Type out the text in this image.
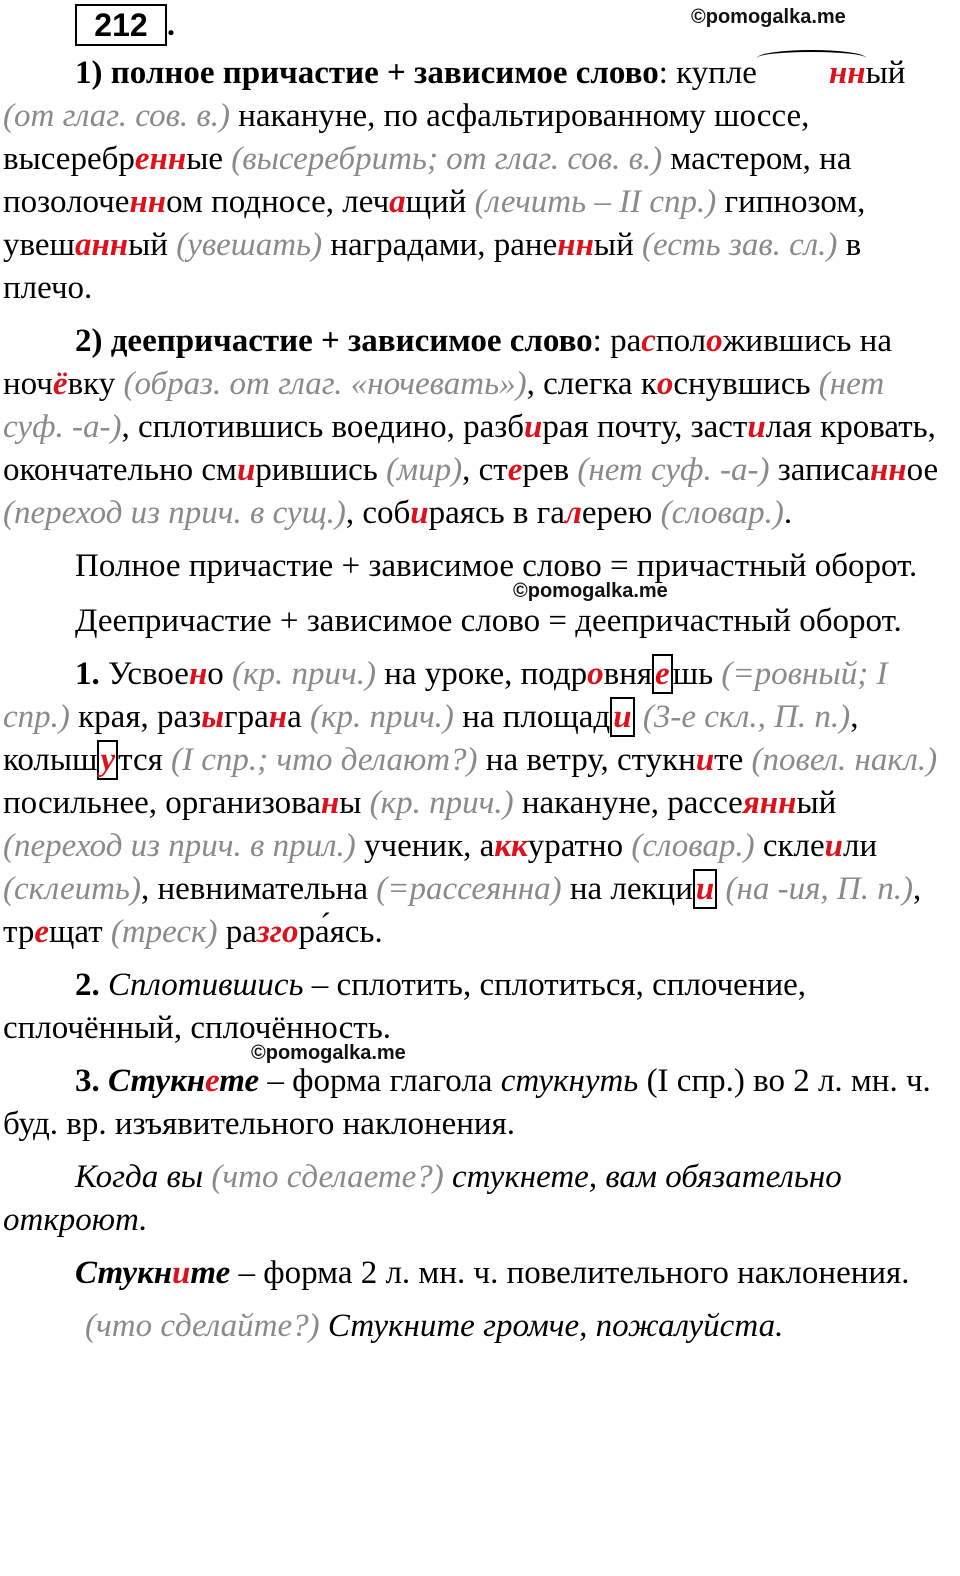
212 .	©pomogalka.me

1) полное причастие + зависимое слово: купле нный (от глаг. сов. в.) накануне, по асфальтированному шоссе, высеребренные (высеребрить; от глаг. сов. в.) мастером, на позолоченном подносе, лечащий (лечить – II спр.) гипнозом, увешанный (увешать) наградами, раненный (есть зав. сл.) в плечо.

2) деепричастие + зависимое слово: расположившись на ночёвку (образ. от глаг. «ночевать»), слегка коснувшись (нет суф. -а-), сплотившись воедино, разбирая почту, застилая кровать, окончательно смирившись (мир), стерев (нет суф. -а-) записанное (переход из прич. в сущ.), собираясь в галерею (словар.).

Полное причастие + зависимое слово = причастный оборот.

©pomogalka.me

Деепричастие + зависимое слово = деепричастный оборот.

1. Усвоено (кр. прич.) на уроке, подровняешь (=ровный; I спр.) края, разыграна (кр. прич.) на площади (3-е скл., П. п.), колышутся (I спр.; что делают?) на ветру, стукните (повел. накл.) посильнее, организованы (кр. прич.) накануне, рассеянный (переход из прич. в прил.) ученик, аккуратно (словар.) склеили (склеить), невнимательна (=рассеянна) на лекции (на -ия, П. п.), трещат (треск) разгора́ясь.

2. Сплотившись – сплотить, сплотиться, сплочение, сплочённый, сплочённость.

©pomogalka.me

3. Стукнете – форма глагола стукнуть (I спр.) во 2 л. мн. ч. буд. вр. изъявительного наклонения.

Когда вы (что сделаете?) стукнете, вам обязательно откроют.

Стукните – форма 2 л. мн. ч. повелительного наклонения.

(что сделайте?) Стукните громче, пожалуйста.
